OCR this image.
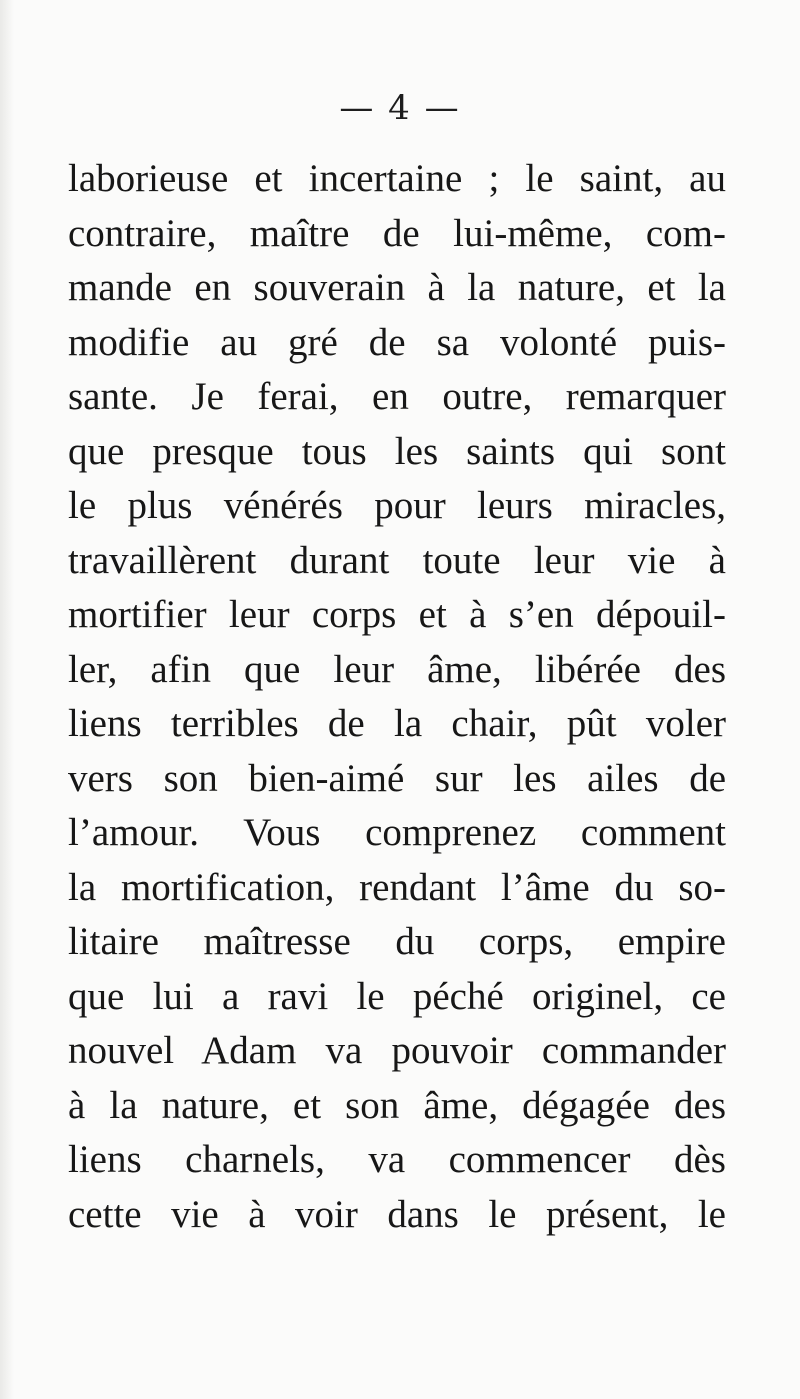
— 4 —
laborieuse et incertaine ; le saint, au
contraire, maître de lui-même, com-
mande en souverain à la nature, et la
modifie au gré de sa volonté puis-
sante. Je ferai, en outre, remarquer
que presque tous les saints qui sont
le plus vénérés pour leurs miracles,
travaillèrent durant toute leur vie à
mortifier leur corps et à s’en dépouil-
ler, afin que leur âme, libérée des
liens terribles de la chair, pût voler
vers son bien-aimé sur les ailes de
l’amour. Vous comprenez comment
la mortification, rendant l’âme du so-
litaire maîtresse du corps, empire
que lui a ravi le péché originel, ce
nouvel Adam va pouvoir commander
à la nature, et son âme, dégagée des
liens charnels, va commencer dès
cette vie à voir dans le présent, le
